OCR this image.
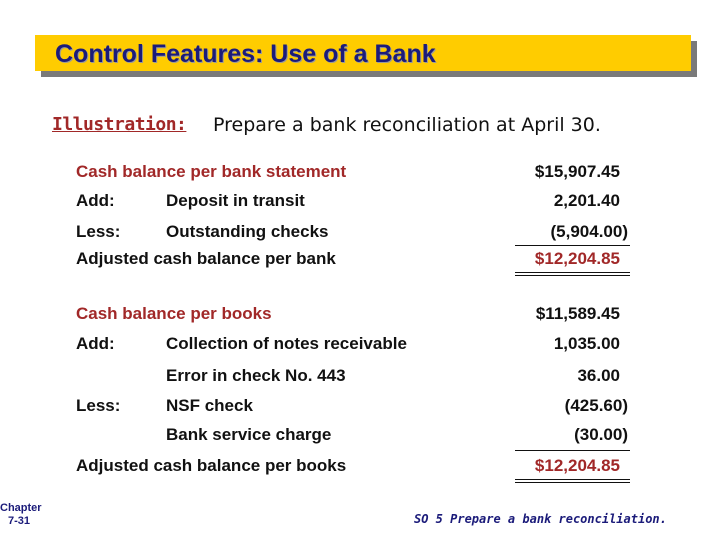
Control Features: Use of a Bank
Illustration: Prepare a bank reconciliation at April 30.
Cash balance per bank statement	$15,907.45
Add:	Deposit in transit	2,201.40
Less:	Outstanding checks	(5,904.00)
Adjusted cash balance per bank	$12,204.85
Cash balance per books	$11,589.45
Add:	Collection of notes receivable	1,035.00
Error in check No. 443	36.00
Less:	NSF check	(425.60)
Bank service charge	(30.00)
Adjusted cash balance per books	$12,204.85
Chapter
7-31	SO 5 Prepare a bank reconciliation.
